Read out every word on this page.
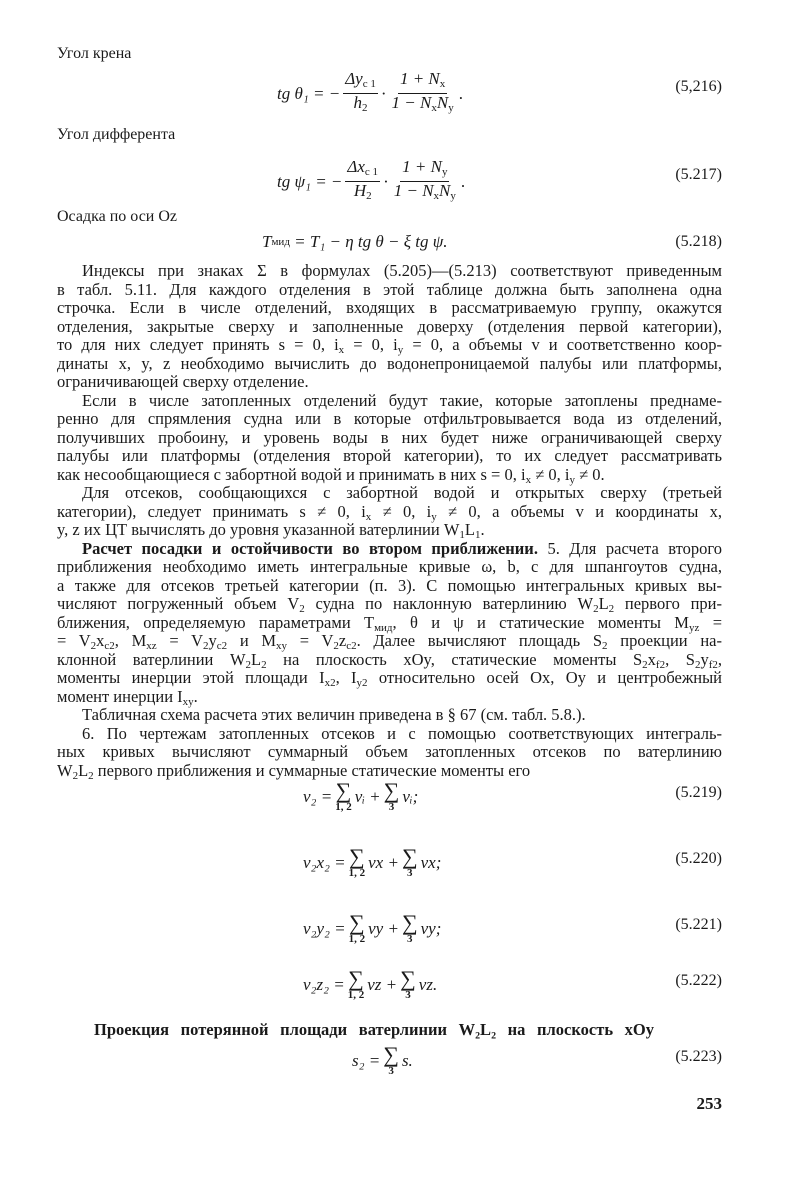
Угол крена
tg θ₁ = − $\frac{\Delta y_{c 1}}{h_2} \cdot \frac{1 + N_x}{1 - N_xN_y}$ .	(5,216)
Угол дифферента
tg ψ₁ = − $\frac{\Delta x_{c 1}}{H_2} \cdot \frac{1 + N_y}{1 - N_xN_y}$ .	(5.217)
Осадка по оси Oz
T мид
= T₁ − η tg θ − ξ tg ψ.	(5.218)
Индексы при знаках Σ в формулах (5.205)—(5.213) соответствуют приведенным
в табл. 5.11. Для каждого отделения в этой таблице должна быть заполнена одна
строчка. Если в числе отделений, входящих в рассматриваемую группу, окажутся
отделения, закрытые сверху и заполненные доверху (отделения первой категории),
то для них следует принять s = 0, $i_x = 0$, $i_y = 0$, а объемы v и соответственно коор-
динаты x, y, z необходимо вычислить до водонепроницаемой палубы или платформы,
ограничивающей сверху отделение.
Если в числе затопленных отделений будут такие, которые затоплены преднаме-
ренно для спрямления судна или в которые отфильтровывается вода из отделений,
получивших пробоину, и уровень воды в них будет ниже ограничивающей сверху
палубы или платформы (отделения второй категории), то их следует рассматривать
как несообщающиеся с забортной водой и принимать в них s = 0, $i_x \ne 0$, $i_y \ne 0$.
Для отсеков, сообщающихся с забортной водой и открытых сверху (третьей
категории), следует принимать s ≠ 0, $i_x \ne 0$, $i_y \ne 0$, а объемы v и координаты x,
y, z их ЦТ вычислять до уровня указанной ватерлинии $W_1L_1$.
Расчет посадки и остойчивости во втором приближении. 5. Для расчета второго
приближения необходимо иметь интегральные кривые ω, b, c для шпангоутов судна,
а также для отсеков третьей категории (п. 3). С помощью интегральных кривых вы-
числяют погруженный объем $V_2$ судна по наклонную ватерлинию $W_2L_2$ первого при-
ближения, определяемую параметрами $T_{мид}$, θ и ψ и статические моменты $M_{yz}$ =
= $V_2x_{c2}$, $M_{xz} = V_2y_{c2}$ и $M_{xy} = V_2z_{c2}$. Далее вычисляют площадь $S_2$ проекции на-
клонной ватерлинии $W_2L_2$ на плоскость xOy, статические моменты $S_2x_{f2}$, $S_2y_{f2}$,
моменты инерции этой площади $I_{x2}$, $I_{y2}$ относительно осей Ox, Oy и центробежный
момент инерции $I_{xy}$.
Табличная схема расчета этих величин приведена в § 67 (см. табл. 5.8.).
6. По чертежам затопленных отсеков и с помощью соответствующих интеграль-
ных кривых вычисляют суммарный объем затопленных отсеков по ватерлинию
$W_2L_2$ первого приближения и суммарные статические моменты его
v₂ = ∑
1, 2
vᵢ + ∑
3
vᵢ;	(5.219)
v₂x₂ = ∑
1, 2
vx + ∑
3
vx;	(5.220)
v₂y₂ = ∑
1, 2
vy + ∑
3
vy;	(5.221)
v₂z₂ = ∑
1, 2
vz + ∑
3
vz.	(5.222)
Проекция потерянной площади ватерлинии W₂L₂ на плоскость xOy
s₂ = ∑
3
s.	(5.223)
253
